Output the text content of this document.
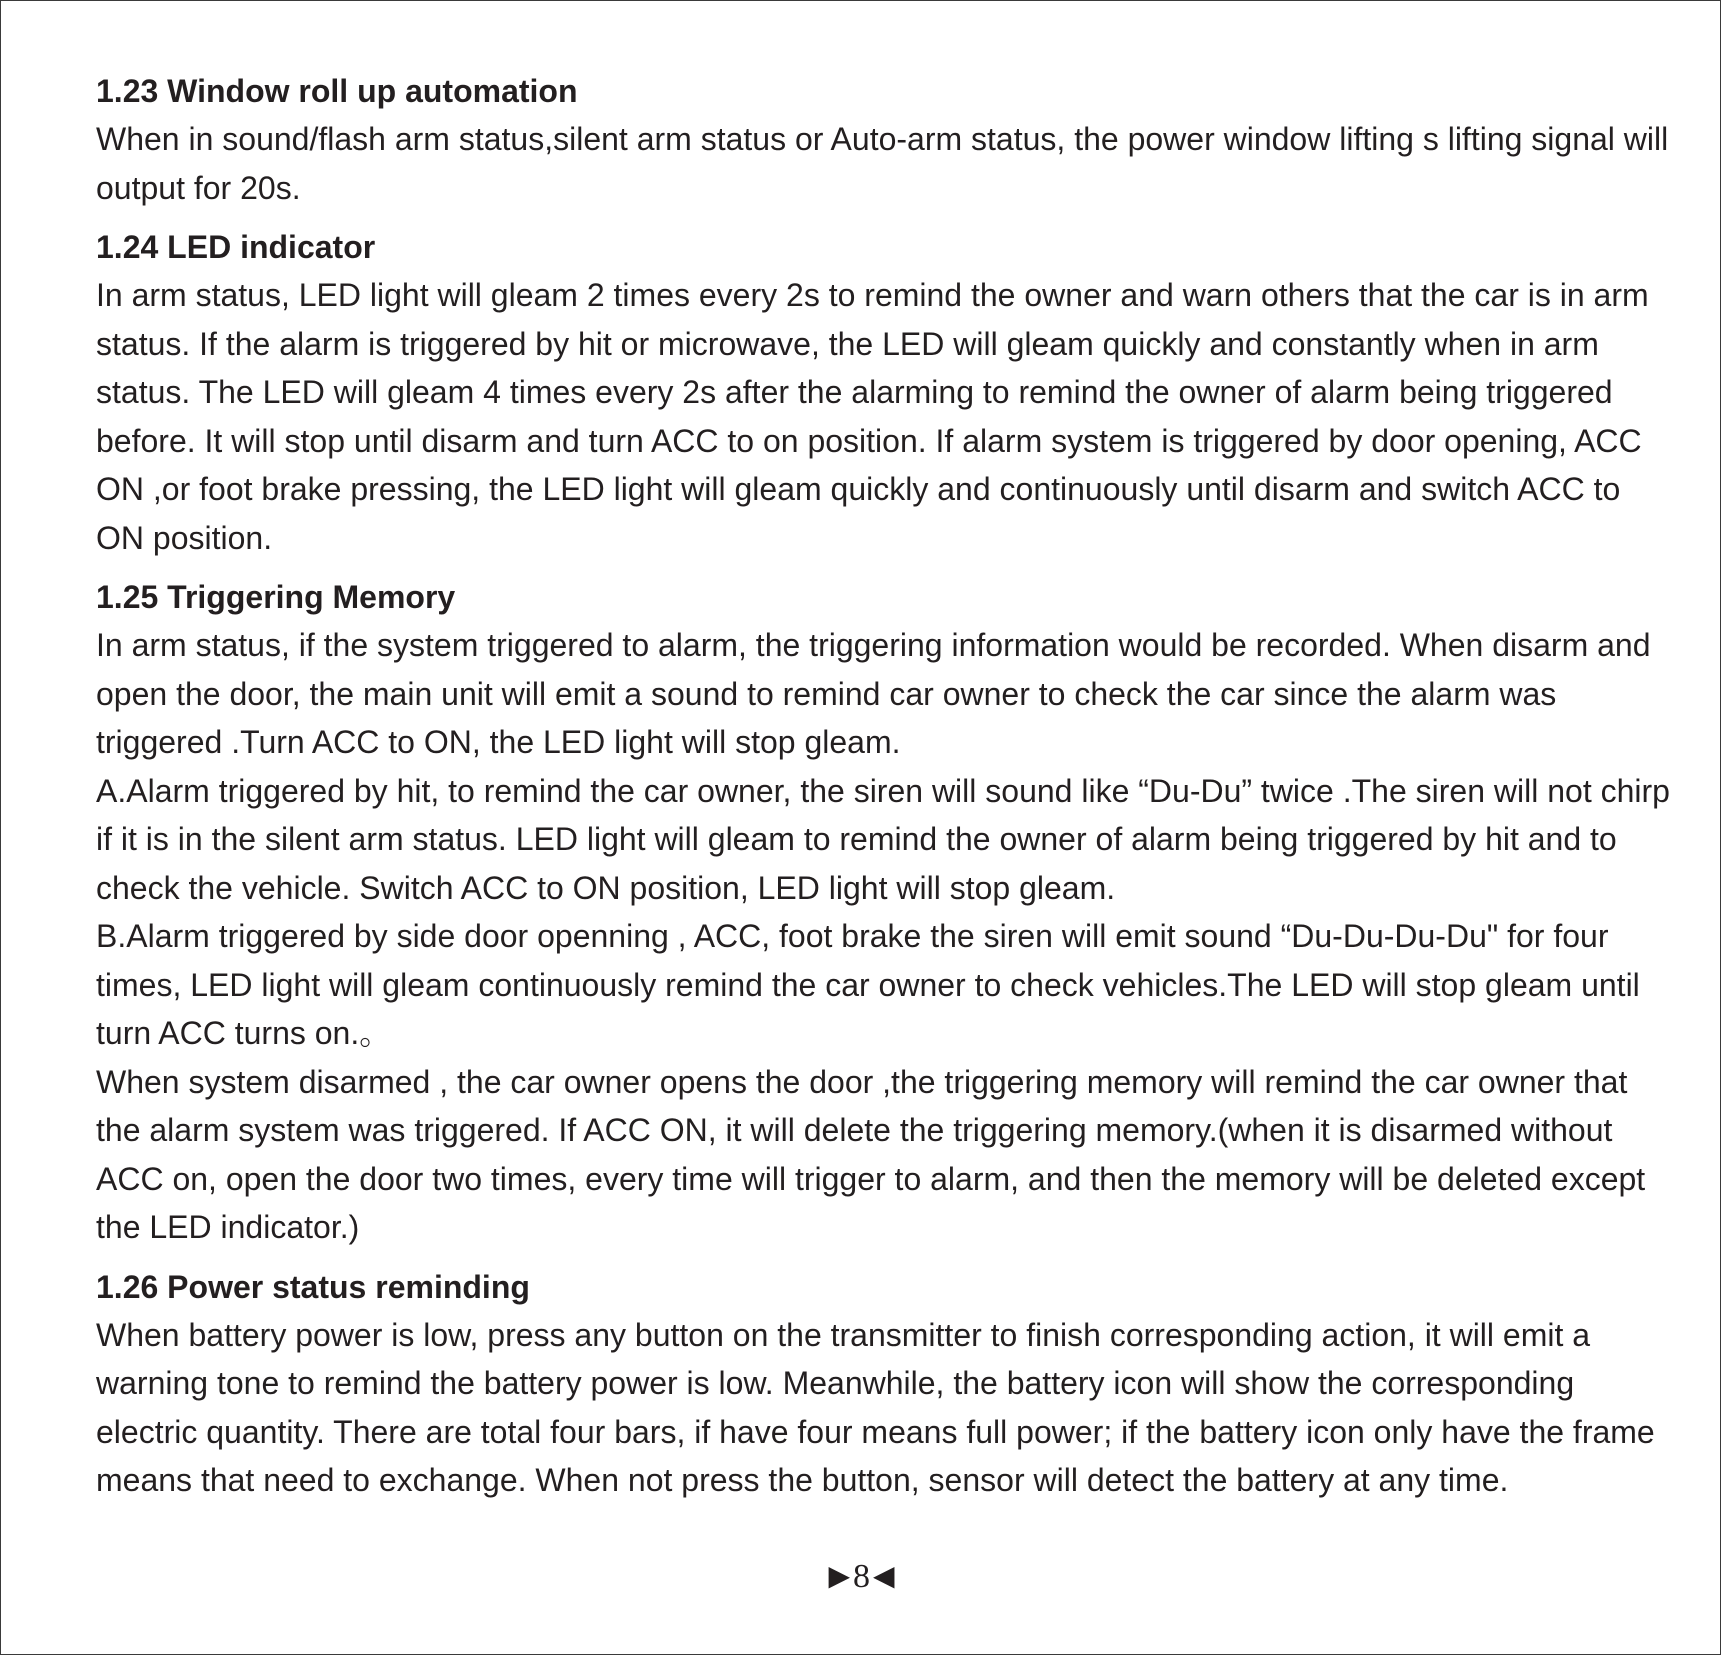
1.23 Window roll up automation

When in sound/flash arm status,silent arm status or Auto-arm status, the power window lifting s lifting signal will output for 20s.

1.24 LED indicator

In arm status, LED light will gleam 2 times every 2s to remind the owner and warn others that the car is in arm status. If the alarm is triggered by hit or microwave, the LED will gleam quickly and constantly when in arm status. The LED will gleam 4 times every 2s after the alarming to remind the owner of alarm being triggered before. It will stop until disarm and turn ACC to on position. If alarm system is triggered by door opening, ACC ON ,or foot brake pressing, the LED light will gleam quickly and continuously until disarm and switch ACC to ON position.

1.25 Triggering Memory

In arm status, if the system triggered to alarm, the triggering information would be recorded. When disarm and open the door, the main unit will emit a sound to remind car owner to check the car since the alarm was triggered .Turn ACC to ON, the LED light will stop gleam.

A.Alarm triggered by hit, to remind the car owner, the siren will sound like “Du-Du” twice .The siren will not chirp if it is in the silent arm status. LED light will gleam to remind the owner of alarm being triggered by hit and to check the vehicle. Switch ACC to ON position, LED light will stop gleam.

B.Alarm triggered by side door openning , ACC, foot brake the siren will emit sound “Du-Du-Du-Du" for four times, LED light will gleam continuously remind the car owner to check vehicles.The LED will stop gleam until turn ACC turns on.。

When system disarmed , the car owner opens the door ,the triggering memory will remind the car owner that the alarm system was triggered. If ACC ON, it will delete the triggering memory.(when it is disarmed without ACC on, open the door two times, every time will trigger to alarm, and then the memory will be deleted except the LED indicator.)

1.26 Power status reminding

When battery power is low, press any button on the transmitter to finish corresponding action, it will emit a warning tone to remind the battery power is low. Meanwhile, the battery icon will show the corresponding electric quantity. There are total four bars, if have four means full power; if the battery icon only have the frame means that need to exchange. When not press the button, sensor will detect the battery at any time.

▶8 ◀
